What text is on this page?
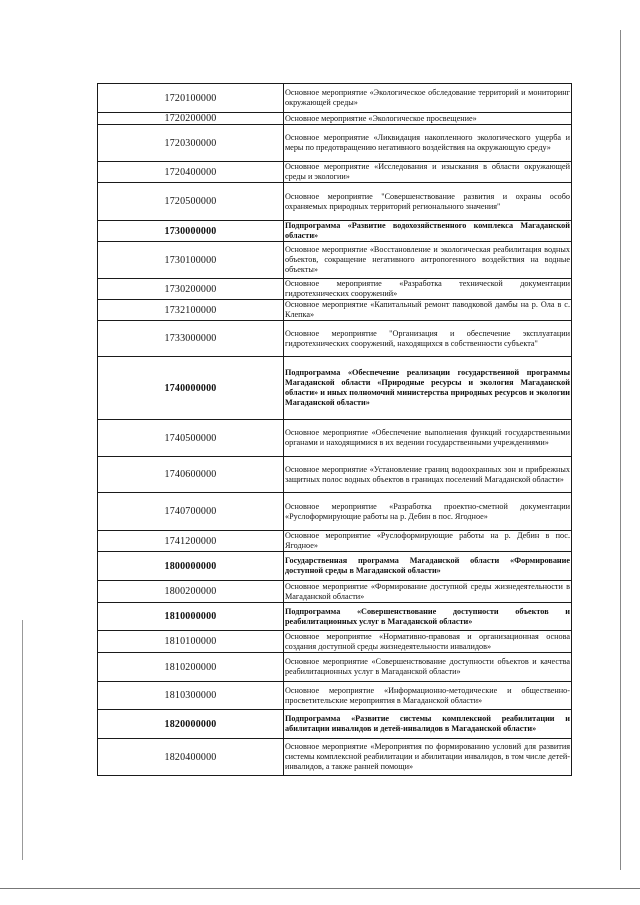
1720100000	Основное мероприятие «Экологическое обследование территорий и мониторинг окружающей среды»
1720200000	Основное мероприятие «Экологическое просвещение»
1720300000	Основное мероприятие «Ликвидация накопленного экологического ущерба и меры по предотвращению негативного воздействия на окружающую среду»
1720400000	Основное мероприятие «Исследования и изыскания в области окружающей среды и экологии»
1720500000	Основное мероприятие "Совершенствование развития и охраны особо охраняемых природных территорий регионального значения"
1730000000	Подпрограмма «Развитие водохозяйственного комплекса Магаданской области»
1730100000	Основное мероприятие «Восстановление и экологическая реабилитация водных объектов, сокращение негативного антропогенного воздействия на водные объекты»
1730200000	Основное мероприятие «Разработка технической документации гидротехнических сооружений»
1732100000	Основное мероприятие «Капитальный ремонт паводковой дамбы на р. Ола в с. Клепка»
1733000000	Основное мероприятие "Организация и обеспечение эксплуатации гидротехнических сооружений, находящихся в собственности субъекта"
1740000000	Подпрограмма «Обеспечение реализации государственной программы Магаданской области «Природные ресурсы и экология Магаданской области» и иных полномочий министерства природных ресурсов и экологии Магаданской области»
1740500000	Основное мероприятие «Обеспечение выполнения функций государственными органами и находящимися в их ведении государственными учреждениями»
1740600000	Основное мероприятие «Установление границ водоохранных зон и прибрежных защитных полос водных объектов в границах поселений Магаданской области»
1740700000	Основное мероприятие «Разработка проектно-сметной документации «Руслоформирующие работы на р. Дебин в пос. Ягодное»
1741200000	Основное мероприятие «Руслоформирующие работы на р. Дебин в пос. Ягодное»
1800000000	Государственная программа Магаданской области «Формирование доступной среды в Магаданской области»
1800200000	Основное мероприятие «Формирование доступной среды жизнедеятельности в Магаданской области»
1810000000	Подпрограмма «Совершенствование доступности объектов и реабилитационных услуг в Магаданской области»
1810100000	Основное мероприятие «Нормативно-правовая и организационная основа создания доступной среды жизнедеятельности инвалидов»
1810200000	Основное мероприятие «Совершенствование доступности объектов и качества реабилитационных услуг в Магаданской области»
1810300000	Основное мероприятие «Информационно-методические и общественно-просветительские мероприятия в Магаданской области»
1820000000	Подпрограмма «Развитие системы комплексной реабилитации и абилитации инвалидов и детей-инвалидов в Магаданской области»
1820400000	Основное мероприятие «Мероприятия по формированию условий для развития системы комплексной реабилитации и абилитации инвалидов, в том числе детей-инвалидов, а также ранней помощи»
